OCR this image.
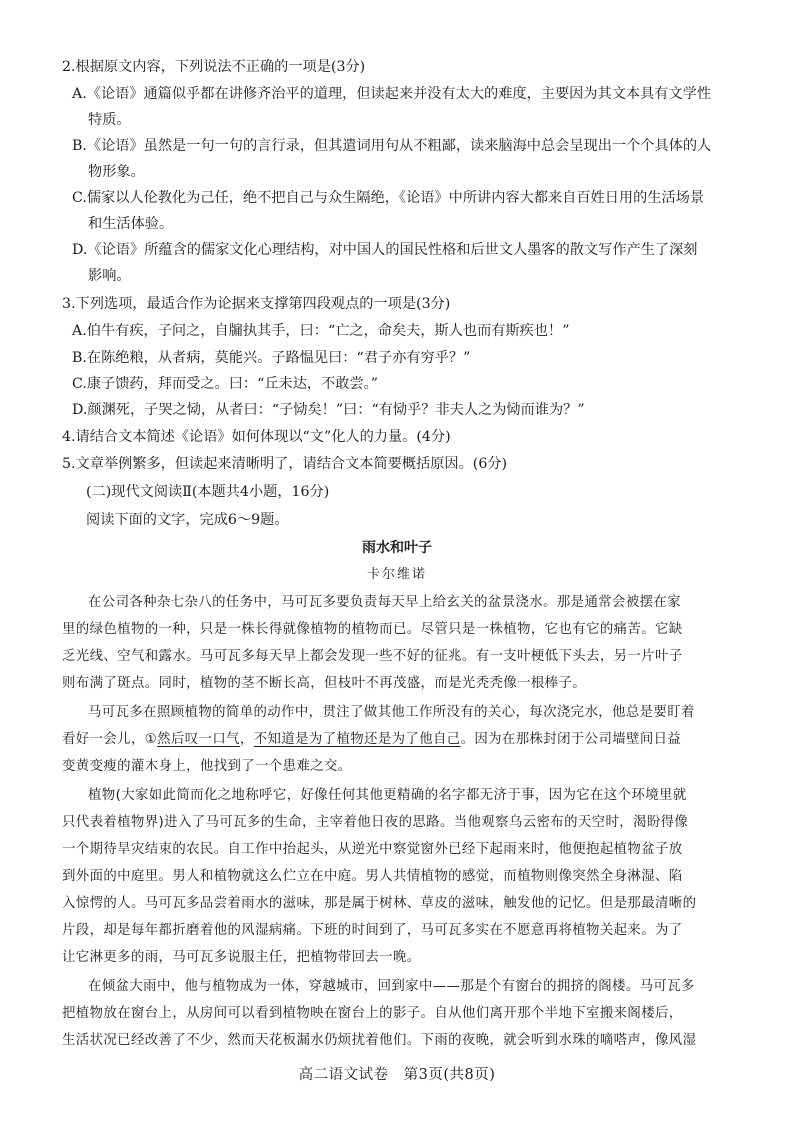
2.根据原文内容，下列说法不正确的一项是(3分)
A.《论语》通篇似乎都在讲修齐治平的道理，但读起来并没有太大的难度，主要因为其文本具有文学性
特质。
B.《论语》虽然是一句一句的言行录，但其遣词用句从不粗鄙，读来脑海中总会呈现出一个个具体的人
物形象。
C.儒家以人伦教化为己任，绝不把自己与众生隔绝，《论语》中所讲内容大都来自百姓日用的生活场景
和生活体验。
D.《论语》所蕴含的儒家文化心理结构，对中国人的国民性格和后世文人墨客的散文写作产生了深刻
影响。
3.下列选项，最适合作为论据来支撑第四段观点的一项是(3分)
A.伯牛有疾，子问之，自牖执其手，曰：“亡之，命矣夫，斯人也而有斯疾也！”
B.在陈绝粮，从者病，莫能兴。子路愠见曰：“君子亦有穷乎？”
C.康子馈药，拜而受之。曰：“丘未达，不敢尝。”
D.颜渊死，子哭之恸，从者曰：“子恸矣！”曰：“有恸乎？非夫人之为恸而谁为？”
4.请结合文本简述《论语》如何体现以“文”化人的力量。(4分)
5.文章举例繁多，但读起来清晰明了，请结合文本简要概括原因。(6分)
(二)现代文阅读Ⅱ(本题共4小题，16分)
阅读下面的文字，完成6～9题。
雨水和叶子
卡尔维诺
在公司各种杂七杂八的任务中，马可瓦多要负责每天早上给玄关的盆景浇水。那是通常会被摆在家
里的绿色植物的一种，只是一株长得就像植物的植物而已。尽管只是一株植物，它也有它的痛苦。它缺
乏光线、空气和露水。马可瓦多每天早上都会发现一些不好的征兆。有一支叶梗低下头去，另一片叶子
则布满了斑点。同时，植物的茎不断长高，但枝叶不再茂盛，而是光秃秃像一根棒子。
马可瓦多在照顾植物的简单的动作中，贯注了做其他工作所没有的关心，每次浇完水，他总是要盯着
看好一会儿，①然后叹一口气，不知道是为了植物还是为了他自己。因为在那株封闭于公司墙壁间日益
变黄变瘦的灌木身上，他找到了一个患难之交。
植物(大家如此简而化之地称呼它，好像任何其他更精确的名字都无济于事，因为它在这个环境里就
只代表着植物界)进入了马可瓦多的生命，主宰着他日夜的思路。当他观察乌云密布的天空时，渴盼得像
一个期待旱灾结束的农民。自工作中抬起头，从逆光中察觉窗外已经下起雨来时，他便抱起植物盆子放
到外面的中庭里。男人和植物就这么伫立在中庭。男人共情植物的感觉，而植物则像突然全身淋湿、陷
入惊愕的人。马可瓦多品尝着雨水的滋味，那是属于树林、草皮的滋味，触发他的记忆。但是那最清晰的
片段，却是每年都折磨着他的风湿病痛。下班的时间到了，马可瓦多实在不愿意再将植物关起来。为了
让它淋更多的雨，马可瓦多说服主任，把植物带回去一晚。
在倾盆大雨中，他与植物成为一体，穿越城市，回到家中——那是个有窗台的拥挤的阁楼。马可瓦多
把植物放在窗台上，从房间可以看到植物映在窗台上的影子。自从他们离开那个半地下室搬来阁楼后，
生活状况已经改善了不少，然而天花板漏水仍烦扰着他们。下雨的夜晚，就会听到水珠的嘀嗒声，像风湿
高二语文试卷　第3页(共8页)
